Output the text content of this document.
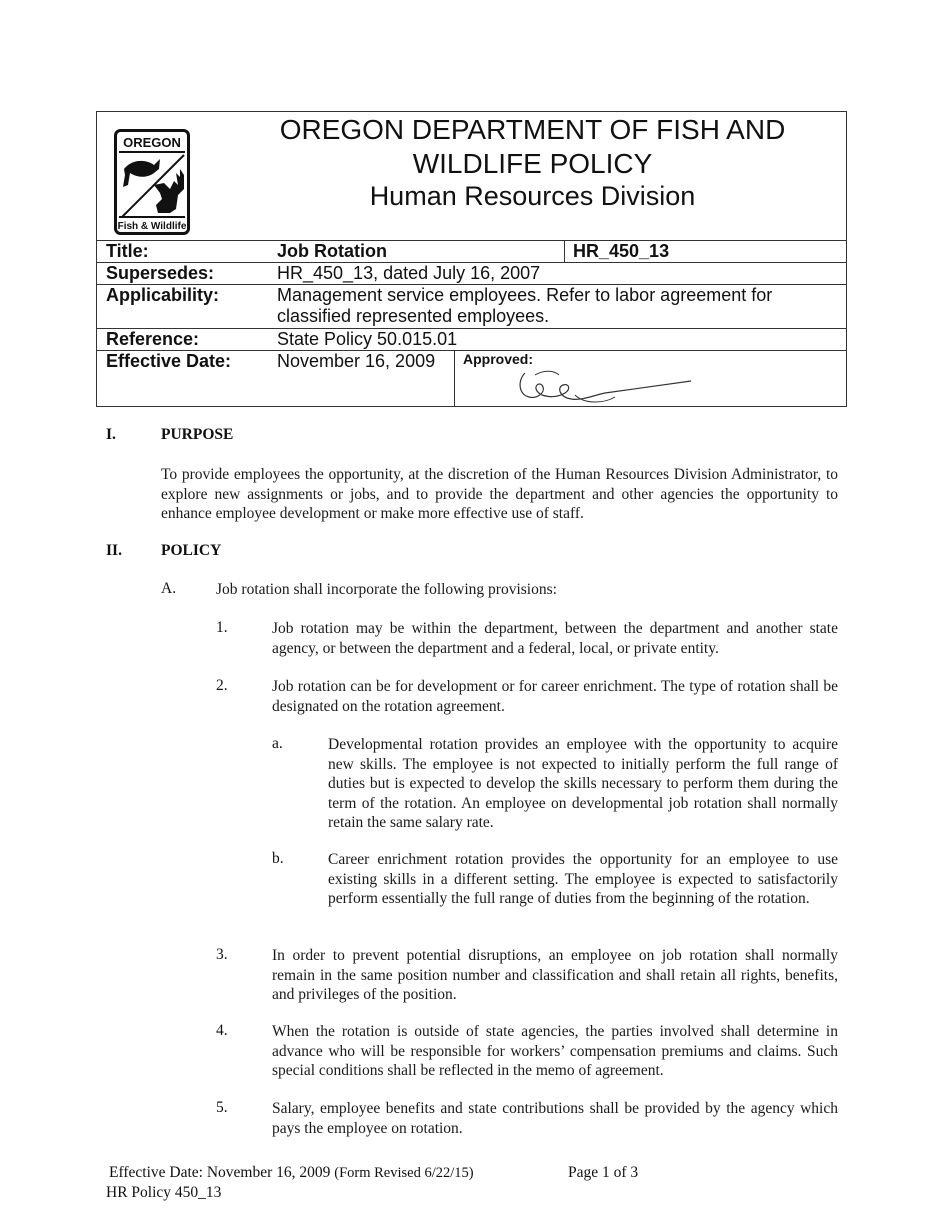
OREGON
Fish & Wildlife
OREGON DEPARTMENT OF FISH AND
WILDLIFE POLICY
Human Resources Division
Title:	Job Rotation	HR_450_13
Supersedes:	HR_450_13, dated July 16, 2007
Applicability:	Management service employees. Refer to labor agreement for
classified represented employees.
Reference:	State Policy 50.015.01
Effective Date:	November 16, 2009 Approved:
I.	PURPOSE
To provide employees the opportunity, at the discretion of the Human Resources Division Administrator, to explore new assignments or jobs, and to provide the department and other agencies the opportunity to enhance employee development or make more effective use of staff.
II.	POLICY
A.	Job rotation shall incorporate the following provisions:
1.	Job rotation may be within the department, between the department and another state agency, or between the department and a federal, local, or private entity.
2.	Job rotation can be for development or for career enrichment. The type of rotation shall be designated on the rotation agreement.
a.	Developmental rotation provides an employee with the opportunity to acquire new skills. The employee is not expected to initially perform the full range of duties but is expected to develop the skills necessary to perform them during the term of the rotation. An employee on developmental job rotation shall normally retain the same salary rate.
b.	Career enrichment rotation provides the opportunity for an employee to use existing skills in a different setting. The employee is expected to satisfactorily perform essentially the full range of duties from the beginning of the rotation.
3.	In order to prevent potential disruptions, an employee on job rotation shall normally remain in the same position number and classification and shall retain all rights, benefits, and privileges of the position.
4.	When the rotation is outside of state agencies, the parties involved shall determine in advance who will be responsible for workers’ compensation premiums and claims. Such special conditions shall be reflected in the memo of agreement.
5.	Salary, employee benefits and state contributions shall be provided by the agency which pays the employee on rotation.
Effective Date: November 16, 2009 (Form Revised 6/22/15)	Page 1 of 3
HR Policy 450_13
